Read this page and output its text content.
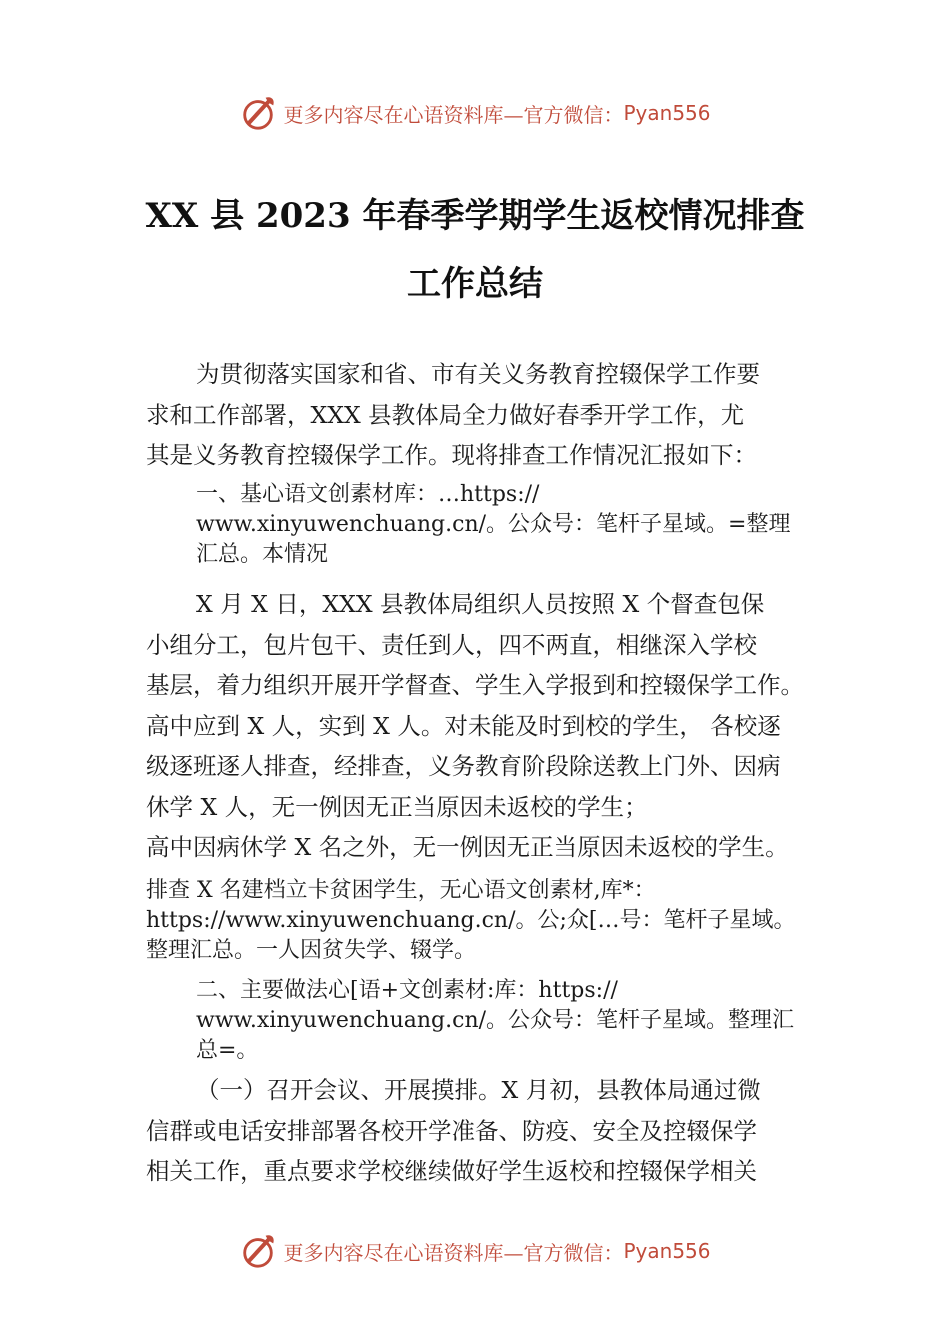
更多内容尽在心语资料库—官方微信： Pyan556
XX 县 2023 年春季学期学生返校情况排查
工作总结
为贯彻落实国家和省、市有关义务教育控辍保学工作要
求和工作部署，XXX 县教体局全力做好春季开学工作，尤
其是义务教育控辍保学工作。现将排查工作情况汇报如下：
一、基心语文创素材库：…https://
www.xinyuwenchuang.cn/。公众号：笔杆子星域。=整理
汇总。本情况
X 月 X 日，XXX 县教体局组织人员按照 X 个督查包保
小组分工，包片包干、责任到人，四不两直，相继深入学校
基层，着力组织开展开学督查、学生入学报到和控辍保学工作。
高中应到 X 人，实到 X 人。对未能及时到校的学生， 各校逐
级逐班逐人排查，经排查，义务教育阶段除送教上门外、因病
休学 X 人，无一例因无正当原因未返校的学生；
高中因病休学 X 名之外，无一例因无正当原因未返校的学生。
排查 X 名建档立卡贫困学生，无心语文创素材,库*：
https://www.xinyuwenchuang.cn/。公;众[…号：笔杆子星域。
整理汇总。一人因贫失学、辍学。
二、主要做法心[语+文创素材:库：https://
www.xinyuwenchuang.cn/。公众号：笔杆子星域。整理汇
总=。
（一）召开会议、开展摸排。X 月初，县教体局通过微
信群或电话安排部署各校开学准备、防疫、安全及控辍保学
相关工作，重点要求学校继续做好学生返校和控辍保学相关
更多内容尽在心语资料库—官方微信： Pyan556
